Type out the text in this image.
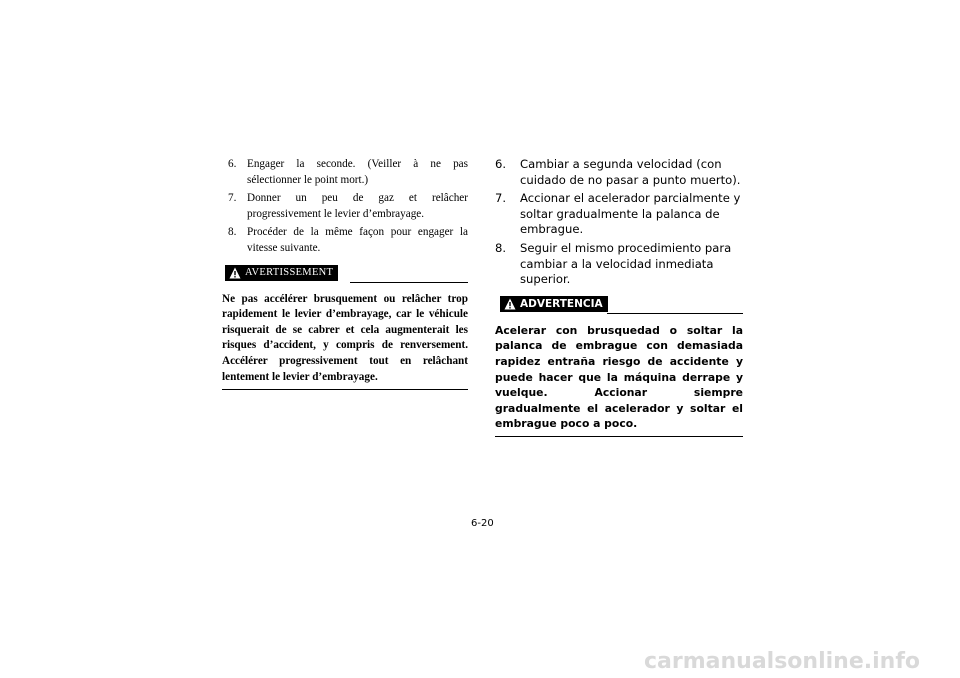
6. Engager la seconde. (Veiller à ne pas sélectionner le point mort.)
7. Donner un peu de gaz et relâcher progressivement le levier d’embrayage.
8. Procéder de la même façon pour engager la vitesse suivante.
AVERTISSEMENT
Ne pas accélérer brusquement ou relâcher trop rapidement le levier d’embrayage, car le véhicule risquerait de se cabrer et cela augmenterait les risques d’accident, y compris de renversement. Accélérer progressivement tout en relâchant lentement le levier d’embrayage.
6. Cambiar a segunda velocidad (con cuidado de no pasar a punto muerto).
7. Accionar el acelerador parcialmente y soltar gradualmente la palanca de embrague.
8. Seguir el mismo procedimiento para cambiar a la velocidad inmediata superior.
ADVERTENCIA
Acelerar con brusquedad o soltar la palanca de embrague con demasiada rapidez entraña riesgo de accidente y puede hacer que la máquina derrape y vuelque. Accionar siempre gradualmente el acelerador y soltar el embrague poco a poco.
6-20
carmanualsonline.info
